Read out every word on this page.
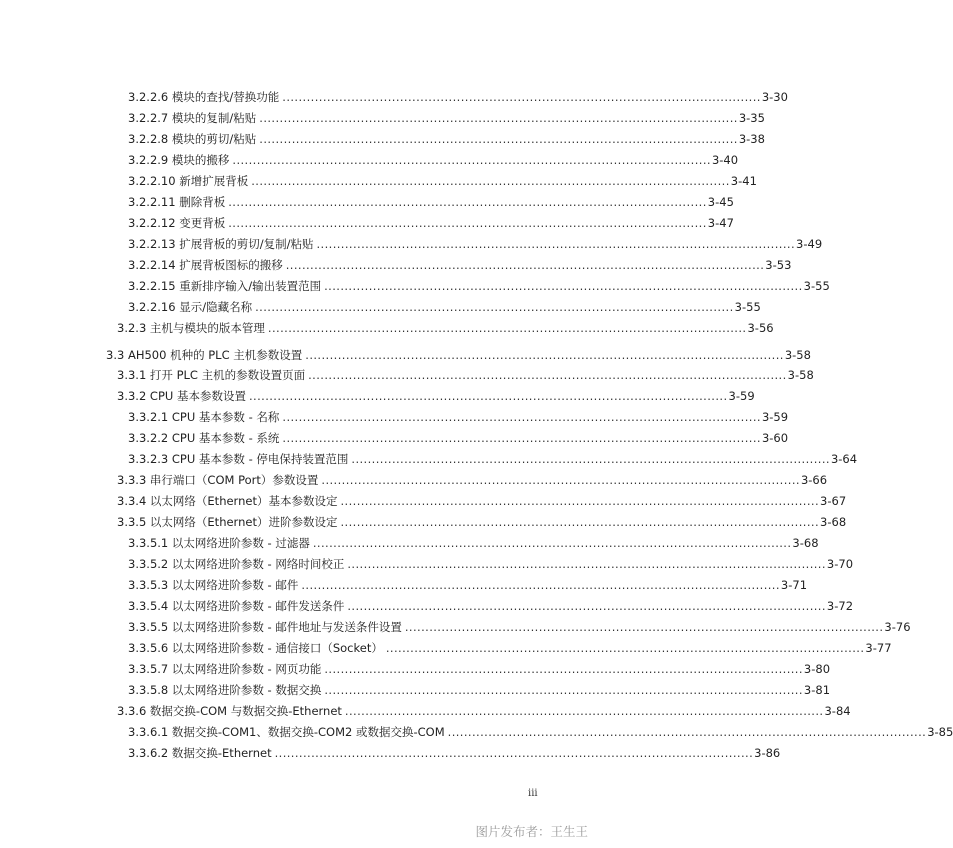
3.2.2.6 模块的查找/替换功能 ...................................................................................................................... 3-30
3.2.2.7 模块的复制/粘贴 ...................................................................................................................... 3-35
3.2.2.8 模块的剪切/粘贴 ...................................................................................................................... 3-38
3.2.2.9 模块的搬移 ...................................................................................................................... 3-40
3.2.2.10 新增扩展背板 ...................................................................................................................... 3-41
3.2.2.11 删除背板 ...................................................................................................................... 3-45
3.2.2.12 变更背板 ...................................................................................................................... 3-47
3.2.2.13 扩展背板的剪切/复制/粘贴 ...................................................................................................................... 3-49
3.2.2.14 扩展背板图标的搬移 ...................................................................................................................... 3-53
3.2.2.15 重新排序输入/输出装置范围 ...................................................................................................................... 3-55
3.2.2.16 显示/隐藏名称 ...................................................................................................................... 3-55
3.2.3 主机与模块的版本管理 ...................................................................................................................... 3-56
3.3 AH500 机种的 PLC 主机参数设置 ...................................................................................................................... 3-58
3.3.1 打开 PLC 主机的参数设置页面 ...................................................................................................................... 3-58
3.3.2 CPU 基本参数设置 ...................................................................................................................... 3-59
3.3.2.1 CPU 基本参数 - 名称 ...................................................................................................................... 3-59
3.3.2.2 CPU 基本参数 - 系统 ...................................................................................................................... 3-60
3.3.2.3 CPU 基本参数 - 停电保持装置范围 ...................................................................................................................... 3-64
3.3.3 串行端口（COM Port）参数设置 ...................................................................................................................... 3-66
3.3.4 以太网络（Ethernet）基本参数设定 ...................................................................................................................... 3-67
3.3.5 以太网络（Ethernet）进阶参数设定 ...................................................................................................................... 3-68
3.3.5.1 以太网络进阶参数 - 过滤器 ...................................................................................................................... 3-68
3.3.5.2 以太网络进阶参数 - 网络时间校正 ...................................................................................................................... 3-70
3.3.5.3 以太网络进阶参数 - 邮件 ...................................................................................................................... 3-71
3.3.5.4 以太网络进阶参数 - 邮件发送条件 ...................................................................................................................... 3-72
3.3.5.5 以太网络进阶参数 - 邮件地址与发送条件设置 ...................................................................................................................... 3-76
3.3.5.6 以太网络进阶参数 - 通信接口（Socket） ...................................................................................................................... 3-77
3.3.5.7 以太网络进阶参数 - 网页功能 ...................................................................................................................... 3-80
3.3.5.8 以太网络进阶参数 - 数据交换 ...................................................................................................................... 3-81
3.3.6 数据交换-COM 与数据交换-Ethernet ...................................................................................................................... 3-84
3.3.6.1 数据交换-COM1、数据交换-COM2 或数据交换-COM ...................................................................................................................... 3-85
3.3.6.2 数据交换-Ethernet ...................................................................................................................... 3-86
iii
图片发布者：王生王
